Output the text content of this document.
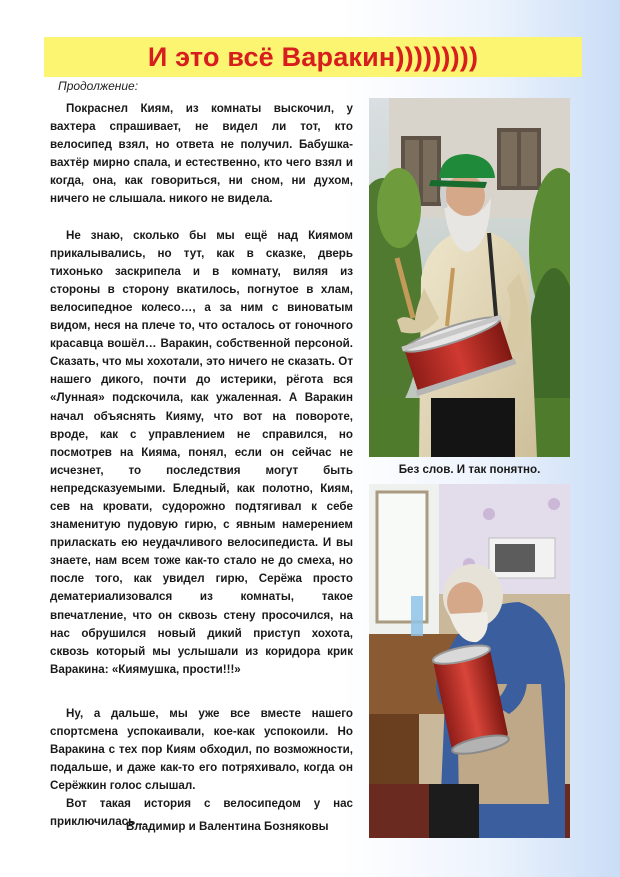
И это всё Варакин)))))))))
Продолжение:

Покраснел Киям, из комнаты выскочил, у вахтера спрашивает, не видел ли тот, кто велосипед взял, но ответа не получил. Бабушка-вахтёр мирно спала, и естественно, кто чего взял и когда, она, как говориться, ни сном, ни духом, ничего не слышала. никого не видела.

Не знаю, сколько бы мы ещё над Киямом прикалывались, но тут, как в сказке, дверь тихонько заскрипела и в комнату, виляя из стороны в сторону вкатилось, погнутое в хлам, велосипедное колесо…, а за ним с виноватым видом, неся на плече то, что осталось от гоночного красавца вошёл… Варакин, собственной персоной. Сказать, что мы хохотали, это ничего не сказать. От нашего дикого, почти до истерики, рёгота вся «Лунная» подскочила, как ужаленная. А Варакин начал объяснять Кияму, что вот на повороте, вроде, как с управлением не справился, но посмотрев на Кияма, понял, если он сейчас не исчезнет, то последствия могут быть непредсказуемыми. Бледный, как полотно, Киям, сев на кровати, судорожно подтягивал к себе знаменитую пудовую гирю, с явным намерением приласкать ею неудачливого велосипедиста. И вы знаете, нам всем тоже как-то стало не до смеха, но после того, как увидел гирю, Серёжа просто дематериализовался из комнаты, такое впечатление, что он сквозь стену просочился, на нас обрушился новый дикий приступ хохота, сквозь который мы услышали из коридора крик Варакина: «Киямушка, прости!!!»

Ну, а дальше, мы уже все вместе нашего спортсмена успокаивали, кое-как успокоили. Но Варакина с тех пор Киям обходил, по возможности, подальше, и даже как-то его потряхивало, когда он Серёжкин голос слышал.

Вот такая история с велосипедом у нас приключилась…

Владимир и Валентина Бозняковы
Без слов. И так понятно.
